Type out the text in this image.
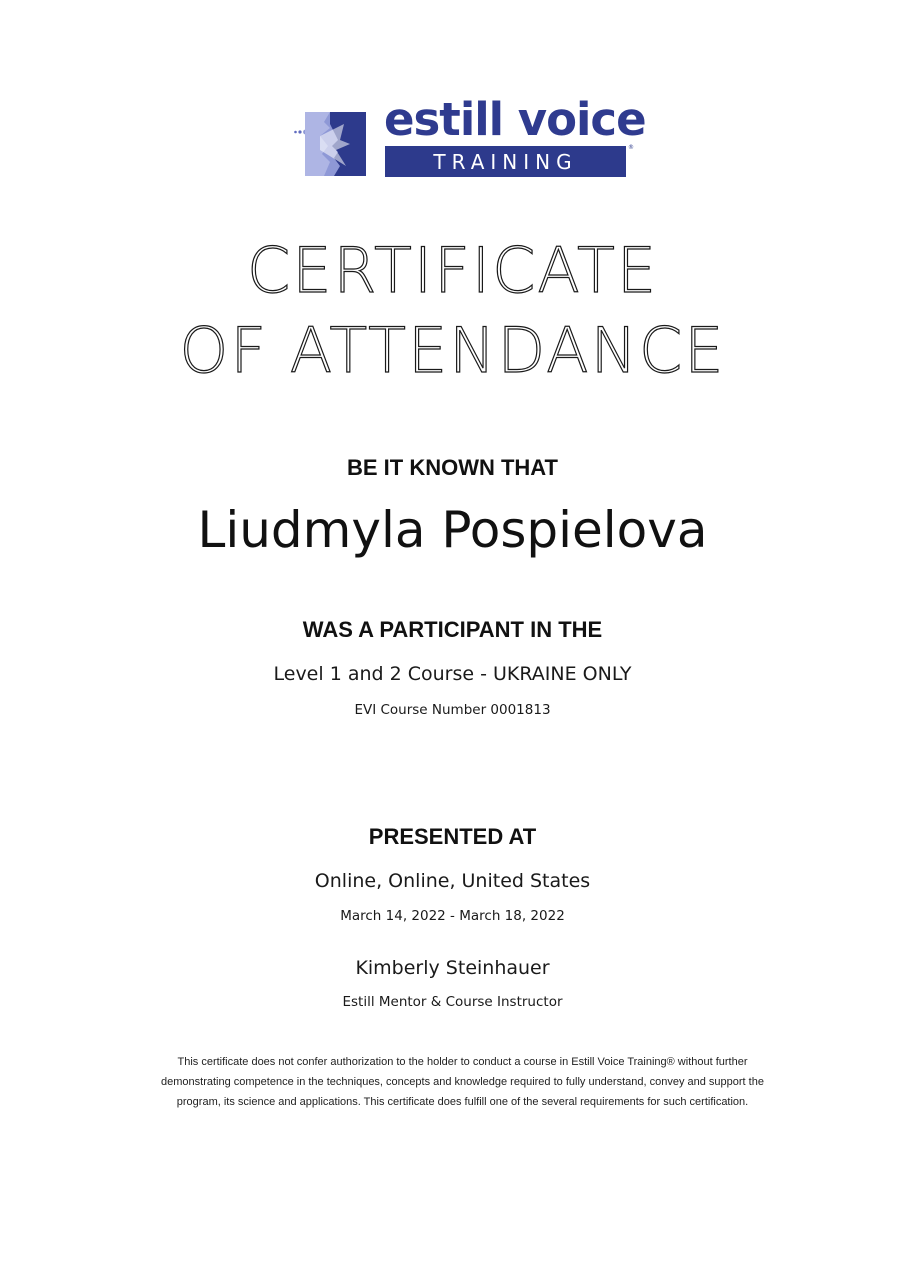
estill voice
TRAINING
®
CERTIFICATE
OF ATTENDANCE
BE IT KNOWN THAT
Liudmyla Pospielova
WAS A PARTICIPANT IN THE
Level 1 and 2 Course - UKRAINE ONLY
EVI Course Number 0001813
PRESENTED AT
Online, Online, United States
March 14, 2022 - March 18, 2022
Kimberly Steinhauer
Estill Mentor & Course Instructor
This certificate does not confer authorization to the holder to conduct a course in Estill Voice Training® without further demonstrating competence in the techniques, concepts and knowledge required to fully understand, convey and support the program, its science and applications. This certificate does fulfill one of the several requirements for such certification.
